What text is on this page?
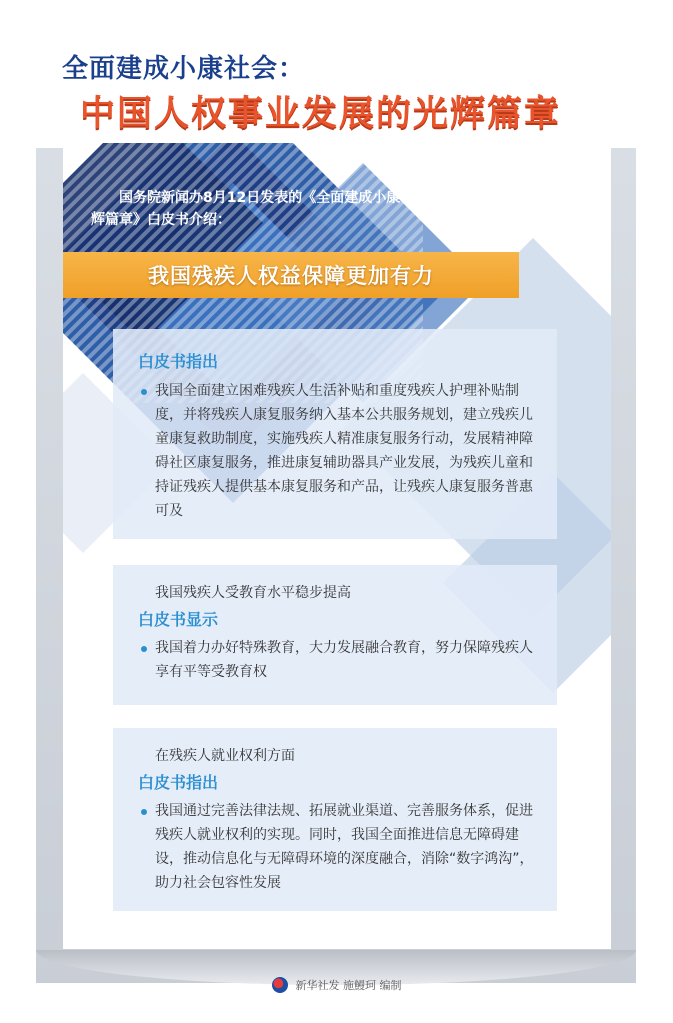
全面建成小康社会：
中国人权事业发展的光辉篇章
国务院新闻办8月12日发表的《全面建成小康社会：中国人权事业发展的光辉篇章》白皮书介绍：
我国残疾人权益保障更加有力
白皮书指出
我国全面建立困难残疾人生活补贴和重度残疾人护理补贴制度，并将残疾人康复服务纳入基本公共服务规划，建立残疾儿童康复救助制度，实施残疾人精准康复服务行动，发展精神障碍社区康复服务，推进康复辅助器具产业发展，为残疾儿童和持证残疾人提供基本康复服务和产品，让残疾人康复服务普惠可及
我国残疾人受教育水平稳步提高
白皮书显示
我国着力办好特殊教育，大力发展融合教育，努力保障残疾人享有平等受教育权
在残疾人就业权利方面
白皮书指出
我国通过完善法律法规、拓展就业渠道、完善服务体系，促进残疾人就业权利的实现。同时，我国全面推进信息无障碍建设，推动信息化与无障碍环境的深度融合，消除“数字鸿沟”，助力社会包容性发展
新华社发 施鰻珂 编制
